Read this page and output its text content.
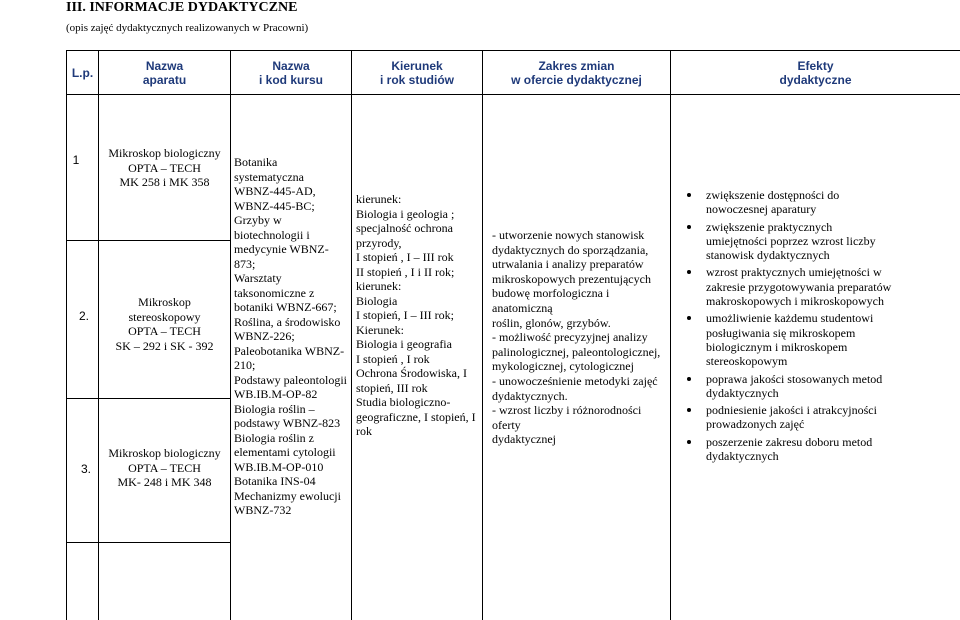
III. INFORMACJE DYDAKTYCZNE
(opis zajęć dydaktycznych realizowanych w Pracowni)
L.p.	Nazwa
aparatu
Nazwa
i kod kursu
Kierunek
i rok studiów
Zakres zmian
w ofercie dydaktycznej
Efekty
dydaktyczne
1
2.
3.
Mikroskop biologiczny
OPTA – TECH
MK 258 i MK 358
Mikroskop
stereoskopowy
OPTA – TECH
SK – 292 i SK - 392
Mikroskop biologiczny
OPTA – TECH
MK- 248 i MK 348
Botanika systematyczna
WBNZ-445-AD,
WBNZ-445-BC;
Grzyby w
biotechnologii i
medycynie WBNZ-
873;
Warsztaty
taksonomiczne z
botaniki WBNZ-667;
Roślina, a środowisko
WBNZ-226;
Paleobotanika WBNZ-
210;
Podstawy paleontologii
WB.IB.M-OP-82
Biologia roślin –
podstawy WBNZ-823
Biologia roślin z
elementami cytologii
WB.IB.M-OP-010
Botanika INS-04
Mechanizmy ewolucji
WBNZ-732
kierunek:
Biologia i geologia ;
specjalność ochrona
przyrody,
I stopień , I – III rok
II stopień , I i II rok;
kierunek:
Biologia
I stopień, I – III rok;
Kierunek:
Biologia i geografia
I stopień , I rok
Ochrona Środowiska, I
stopień, III rok
Studia biologiczno-
geograficzne, I stopień, I
rok
- utworzenie nowych stanowisk
dydaktycznych do sporządzania,
utrwalania i analizy preparatów
mikroskopowych prezentujących
budowę morfologiczna i anatomiczną
roślin, glonów, grzybów.
- możliwość precyzyjnej analizy
palinologicznej, paleontologicznej,
mykologicznej, cytologicznej
- unowocześnienie metodyki zajęć
dydaktycznych.
- wzrost liczby i różnorodności oferty
dydaktycznej
zwiększenie dostępności do
nowoczesnej aparatury
zwiększenie praktycznych
umiejętności poprzez wzrost liczby
stanowisk dydaktycznych
wzrost praktycznych umiejętności w
zakresie przygotowywania preparatów
makroskopowych i mikroskopowych
umożliwienie każdemu studentowi
posługiwania się mikroskopem
biologicznym i mikroskopem
stereoskopowym
poprawa jakości stosowanych metod
dydaktycznych
podniesienie jakości i atrakcyjności
prowadzonych zajęć
poszerzenie zakresu doboru metod
dydaktycznych
